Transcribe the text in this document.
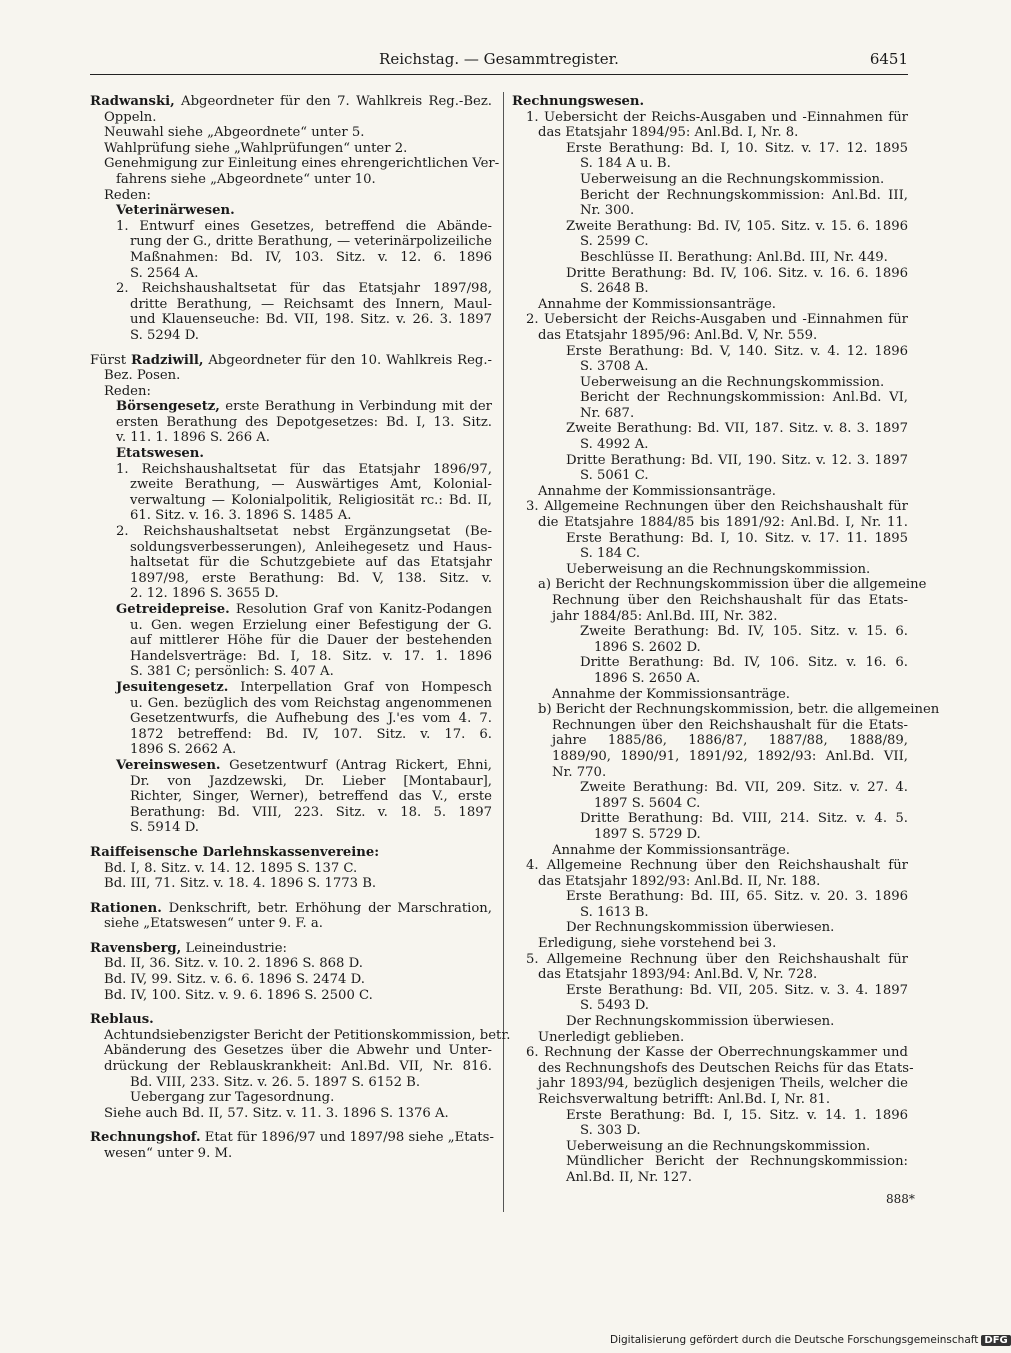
Reichstag. — Gesammtregister.	6451
Radwanski, Abgeordneter für den 7. Wahlkreis Reg.-Bez.
Oppeln.
Neuwahl siehe „Abgeordnete“ unter 5.
Wahlprüfung siehe „Wahlprüfungen“ unter 2.
Genehmigung zur Einleitung eines ehrengerichtlichen Ver-
fahrens siehe „Abgeordnete“ unter 10.
Reden:
Veterinärwesen.
1. Entwurf eines Gesetzes, betreffend die Abände-
rung der G., dritte Berathung, — veterinärpolizeiliche
Maßnahmen: Bd. IV, 103. Sitz. v. 12. 6. 1896
S. 2564 A.
2. Reichshaushaltsetat für das Etatsjahr 1897/98,
dritte Berathung, — Reichsamt des Innern, Maul-
und Klauenseuche: Bd. VII, 198. Sitz. v. 26. 3. 1897
S. 5294 D.
Fürst Radziwill, Abgeordneter für den 10. Wahlkreis Reg.-
Bez. Posen.
Reden:
Börsengesetz, erste Berathung in Verbindung mit der
ersten Berathung des Depotgesetzes: Bd. I, 13. Sitz.
v. 11. 1. 1896 S. 266 A.
Etatswesen.
1. Reichshaushaltsetat für das Etatsjahr 1896/97,
zweite Berathung, — Auswärtiges Amt, Kolonial-
verwaltung — Kolonialpolitik, Religiosität rc.: Bd. II,
61. Sitz. v. 16. 3. 1896 S. 1485 A.
2. Reichshaushaltsetat nebst Ergänzungsetat (Be-
soldungsverbesserungen), Anleihegesetz und Haus-
haltsetat für die Schutzgebiete auf das Etatsjahr
1897/98, erste Berathung: Bd. V, 138. Sitz. v.
2. 12. 1896 S. 3655 D.
Getreidepreise. Resolution Graf von Kanitz-Podangen
u. Gen. wegen Erzielung einer Befestigung der G.
auf mittlerer Höhe für die Dauer der bestehenden
Handelsverträge: Bd. I, 18. Sitz. v. 17. 1. 1896
S. 381 C; persönlich: S. 407 A.
Jesuitengesetz. Interpellation Graf von Hompesch
u. Gen. bezüglich des vom Reichstag angenommenen
Gesetzentwurfs, die Aufhebung des J.'es vom 4. 7.
1872 betreffend: Bd. IV, 107. Sitz. v. 17. 6.
1896 S. 2662 A.
Vereinswesen. Gesetzentwurf (Antrag Rickert, Ehni,
Dr. von Jazdzewski, Dr. Lieber [Montabaur],
Richter, Singer, Werner), betreffend das V., erste
Berathung: Bd. VIII, 223. Sitz. v. 18. 5. 1897
S. 5914 D.
Raiffeisensche Darlehnskassenvereine:
Bd. I, 8. Sitz. v. 14. 12. 1895 S. 137 C.
Bd. III, 71. Sitz. v. 18. 4. 1896 S. 1773 B.
Rationen. Denkschrift, betr. Erhöhung der Marschration,
siehe „Etatswesen“ unter 9. F. a.
Ravensberg, Leineindustrie:
Bd. II, 36. Sitz. v. 10. 2. 1896 S. 868 D.
Bd. IV, 99. Sitz. v. 6. 6. 1896 S. 2474 D.
Bd. IV, 100. Sitz. v. 9. 6. 1896 S. 2500 C.
Reblaus.
Achtundsiebenzigster Bericht der Petitionskommission, betr.
Abänderung des Gesetzes über die Abwehr und Unter-
drückung der Reblauskrankheit: Anl.Bd. VII, Nr. 816.
Bd. VIII, 233. Sitz. v. 26. 5. 1897 S. 6152 B.
Uebergang zur Tagesordnung.
Siehe auch Bd. II, 57. Sitz. v. 11. 3. 1896 S. 1376 A.
Rechnungshof. Etat für 1896/97 und 1897/98 siehe „Etats-
wesen“ unter 9. M.
Rechnungswesen.
1. Uebersicht der Reichs-Ausgaben und -Einnahmen für
das Etatsjahr 1894/95: Anl.Bd. I, Nr. 8.
Erste Berathung: Bd. I, 10. Sitz. v. 17. 12. 1895
S. 184 A u. B.
Ueberweisung an die Rechnungskommission.
Bericht der Rechnungskommission: Anl.Bd. III,
Nr. 300.
Zweite Berathung: Bd. IV, 105. Sitz. v. 15. 6. 1896
S. 2599 C.
Beschlüsse II. Berathung: Anl.Bd. III, Nr. 449.
Dritte Berathung: Bd. IV, 106. Sitz. v. 16. 6. 1896
S. 2648 B.
Annahme der Kommissionsanträge.
2. Uebersicht der Reichs-Ausgaben und -Einnahmen für
das Etatsjahr 1895/96: Anl.Bd. V, Nr. 559.
Erste Berathung: Bd. V, 140. Sitz. v. 4. 12. 1896
S. 3708 A.
Ueberweisung an die Rechnungskommission.
Bericht der Rechnungskommission: Anl.Bd. VI,
Nr. 687.
Zweite Berathung: Bd. VII, 187. Sitz. v. 8. 3. 1897
S. 4992 A.
Dritte Berathung: Bd. VII, 190. Sitz. v. 12. 3. 1897
S. 5061 C.
Annahme der Kommissionsanträge.
3. Allgemeine Rechnungen über den Reichshaushalt für
die Etatsjahre 1884/85 bis 1891/92: Anl.Bd. I, Nr. 11.
Erste Berathung: Bd. I, 10. Sitz. v. 17. 11. 1895
S. 184 C.
Ueberweisung an die Rechnungskommission.
a) Bericht der Rechnungskommission über die allgemeine
Rechnung über den Reichshaushalt für das Etats-
jahr 1884/85: Anl.Bd. III, Nr. 382.
Zweite Berathung: Bd. IV, 105. Sitz. v. 15. 6.
1896 S. 2602 D.
Dritte Berathung: Bd. IV, 106. Sitz. v. 16. 6.
1896 S. 2650 A.
Annahme der Kommissionsanträge.
b) Bericht der Rechnungskommission, betr. die allgemeinen
Rechnungen über den Reichshaushalt für die Etats-
jahre 1885/86, 1886/87, 1887/88, 1888/89,
1889/90, 1890/91, 1891/92, 1892/93: Anl.Bd. VII,
Nr. 770.
Zweite Berathung: Bd. VII, 209. Sitz. v. 27. 4.
1897 S. 5604 C.
Dritte Berathung: Bd. VIII, 214. Sitz. v. 4. 5.
1897 S. 5729 D.
Annahme der Kommissionsanträge.
4. Allgemeine Rechnung über den Reichshaushalt für
das Etatsjahr 1892/93: Anl.Bd. II, Nr. 188.
Erste Berathung: Bd. III, 65. Sitz. v. 20. 3. 1896
S. 1613 B.
Der Rechnungskommission überwiesen.
Erledigung, siehe vorstehend bei 3.
5. Allgemeine Rechnung über den Reichshaushalt für
das Etatsjahr 1893/94: Anl.Bd. V, Nr. 728.
Erste Berathung: Bd. VII, 205. Sitz. v. 3. 4. 1897
S. 5493 D.
Der Rechnungskommission überwiesen.
Unerledigt geblieben.
6. Rechnung der Kasse der Oberrechnungskammer und
des Rechnungshofs des Deutschen Reichs für das Etats-
jahr 1893/94, bezüglich desjenigen Theils, welcher die
Reichsverwaltung betrifft: Anl.Bd. I, Nr. 81.
Erste Berathung: Bd. I, 15. Sitz. v. 14. 1. 1896
S. 303 D.
Ueberweisung an die Rechnungskommission.
Mündlicher Bericht der Rechnungskommission:
Anl.Bd. II, Nr. 127.
888*
Digitalisierung gefördert durch die Deutsche Forschungsgemeinschaft DFG
